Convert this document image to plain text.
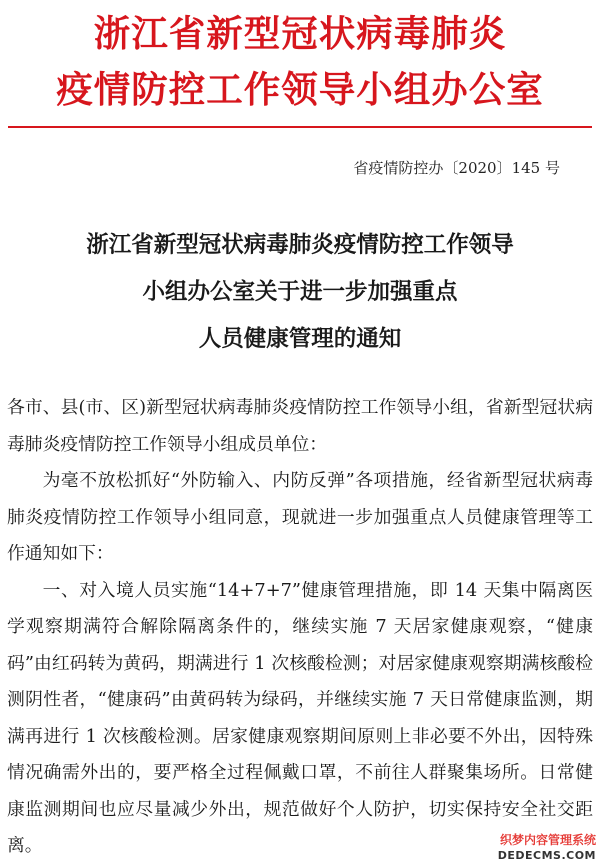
浙江省新型冠状病毒肺炎
疫情防控工作领导小组办公室
省疫情防控办〔2020〕145 号
浙江省新型冠状病毒肺炎疫情防控工作领导
小组办公室关于进一步加强重点
人员健康管理的通知

各市、县(市、区)新型冠状病毒肺炎疫情防控工作领导小组，省新型冠状病毒肺炎疫情防控工作领导小组成员单位：

为毫不放松抓好“外防输入、内防反弹”各项措施，经省新型冠状病毒肺炎疫情防控工作领导小组同意，现就进一步加强重点人员健康管理等工作通知如下：

一、对入境人员实施“14+7+7”健康管理措施，即 14 天集中隔离医学观察期满符合解除隔离条件的，继续实施 7 天居家健康观察，“健康码”由红码转为黄码，期满进行 1 次核酸检测；对居家健康观察期满核酸检测阴性者，“健康码”由黄码转为绿码，并继续实施 7 天日常健康监测，期满再进行 1 次核酸检测。居家健康观察期间原则上非必要不外出，因特殊情况确需外出的，要严格全过程佩戴口罩，不前往人群聚集场所。日常健康监测期间也应尽量减少外出，规范做好个人防护，切实保持安全社交距离。	织梦内容管理系统
DEDECMS.COM
